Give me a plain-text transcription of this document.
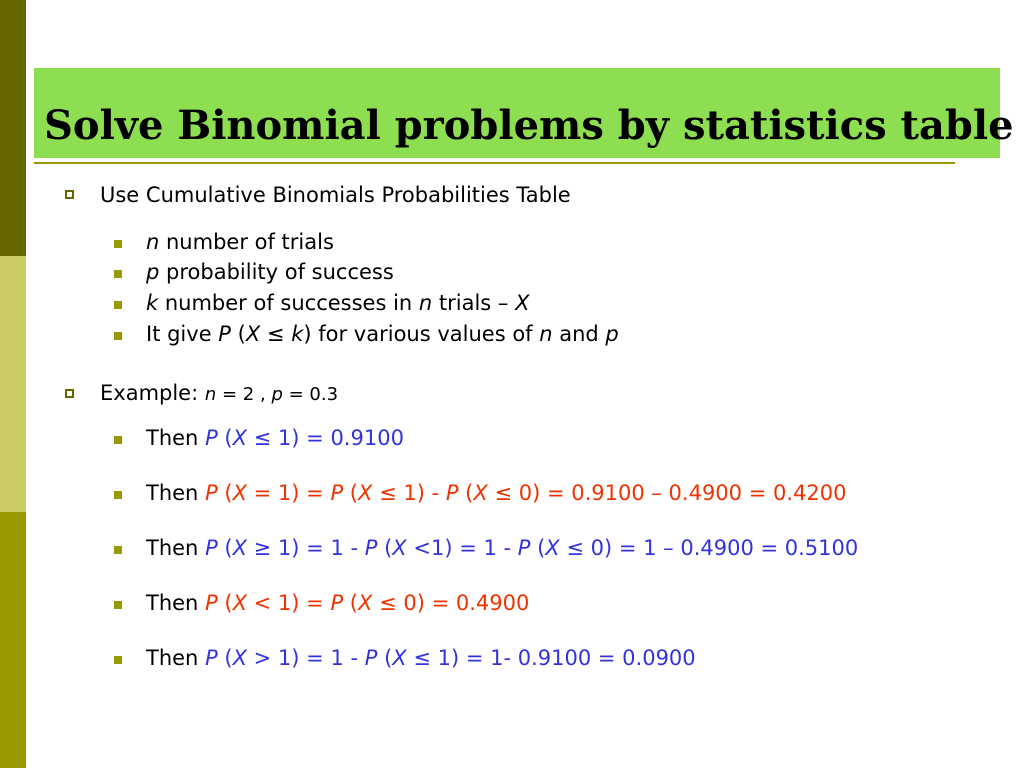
Solve Binomial problems by statistics table
Use Cumulative Binomials Probabilities Table
n number of trials
p probability of success
k number of successes in n trials – X
It give P (X ≤ k) for various values of n and p
Example: n = 2 , p = 0.3
Then P (X ≤ 1) = 0.9100
Then P (X = 1) = P (X ≤ 1) - P (X ≤ 0) = 0.9100 – 0.4900 = 0.4200
Then P (X ≥ 1) = 1 - P (X <1) = 1 - P (X ≤ 0) = 1 – 0.4900 = 0.5100
Then P (X < 1) = P (X ≤ 0) = 0.4900
Then P (X > 1) = 1 - P (X ≤ 1) = 1- 0.9100 = 0.0900
